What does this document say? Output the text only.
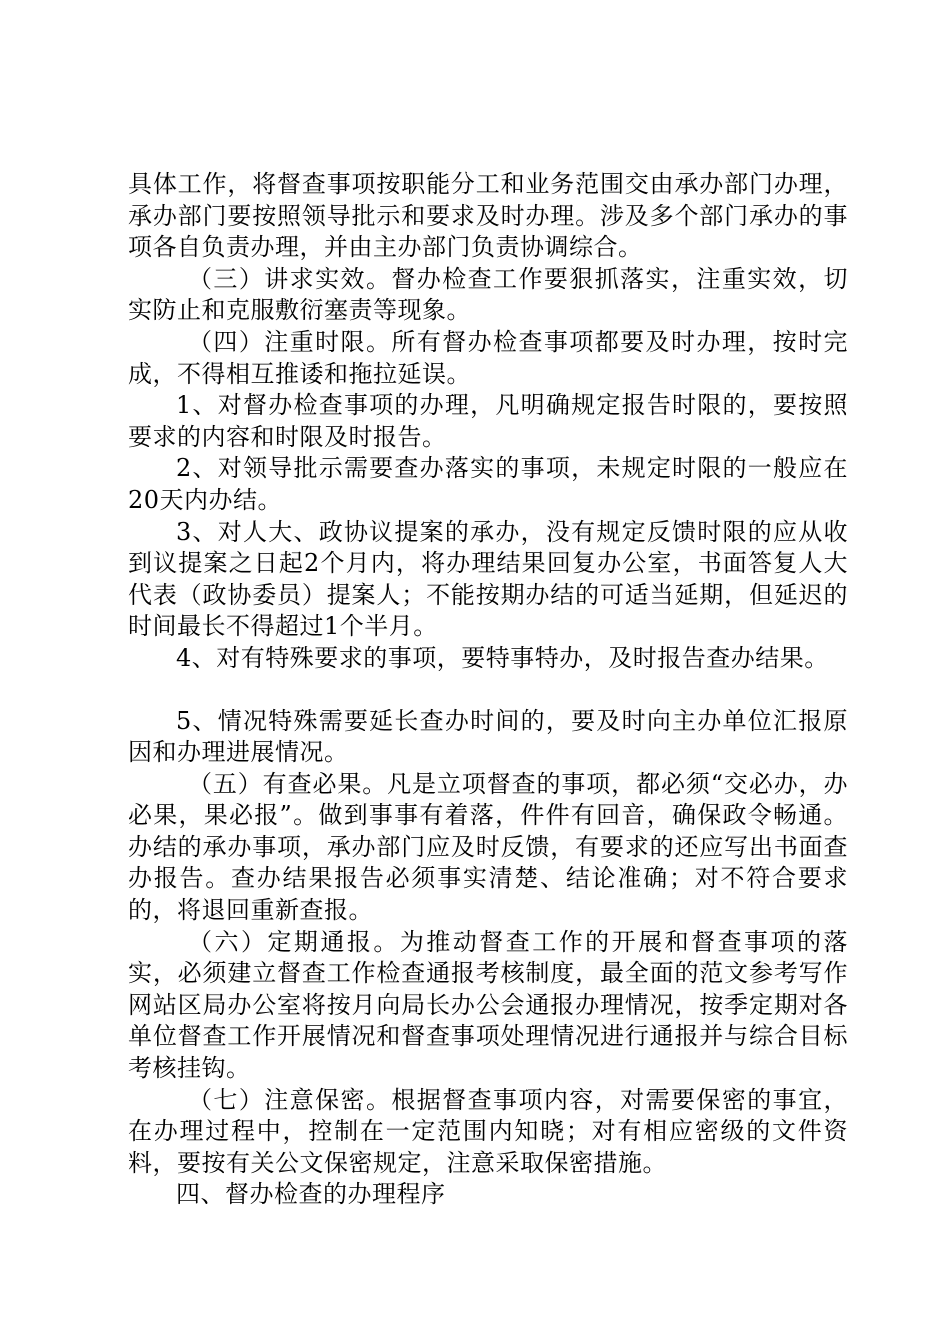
具体工作，将督查事项按职能分工和业务范围交由承办部门办理，承办部门要按照领导批示和要求及时办理。涉及多个部门承办的事项各自负责办理，并由主办部门负责协调综合。

（三）讲求实效。督办检查工作要狠抓落实，注重实效，切实防止和克服敷衍塞责等现象。

（四）注重时限。所有督办检查事项都要及时办理，按时完成，不得相互推诿和拖拉延误。

1、对督办检查事项的办理，凡明确规定报告时限的，要按照要求的内容和时限及时报告。

2、对领导批示需要查办落实的事项，未规定时限的一般应在20天内办结。

3、对人大、政协议提案的承办，没有规定反馈时限的应从收到议提案之日起2个月内，将办理结果回复办公室，书面答复人大代表（政协委员）提案人；不能按期办结的可适当延期，但延迟的时间最长不得超过1个半月。

4、对有特殊要求的事项，要特事特办，及时报告查办结果。

5、情况特殊需要延长查办时间的，要及时向主办单位汇报原因和办理进展情况。

（五）有查必果。凡是立项督查的事项，都必须“交必办，办必果，果必报”。做到事事有着落，件件有回音，确保政令畅通。办结的承办事项，承办部门应及时反馈，有要求的还应写出书面查办报告。查办结果报告必须事实清楚、结论准确；对不符合要求的，将退回重新查报。

（六）定期通报。为推动督查工作的开展和督查事项的落实，必须建立督查工作检查通报考核制度，最全面的范文参考写作网站区局办公室将按月向局长办公会通报办理情况，按季定期对各单位督查工作开展情况和督查事项处理情况进行通报并与综合目标考核挂钩。

（七）注意保密。根据督查事项内容，对需要保密的事宜，在办理过程中，控制在一定范围内知晓；对有相应密级的文件资料，要按有关公文保密规定，注意采取保密措施。

四、督办检查的办理程序
